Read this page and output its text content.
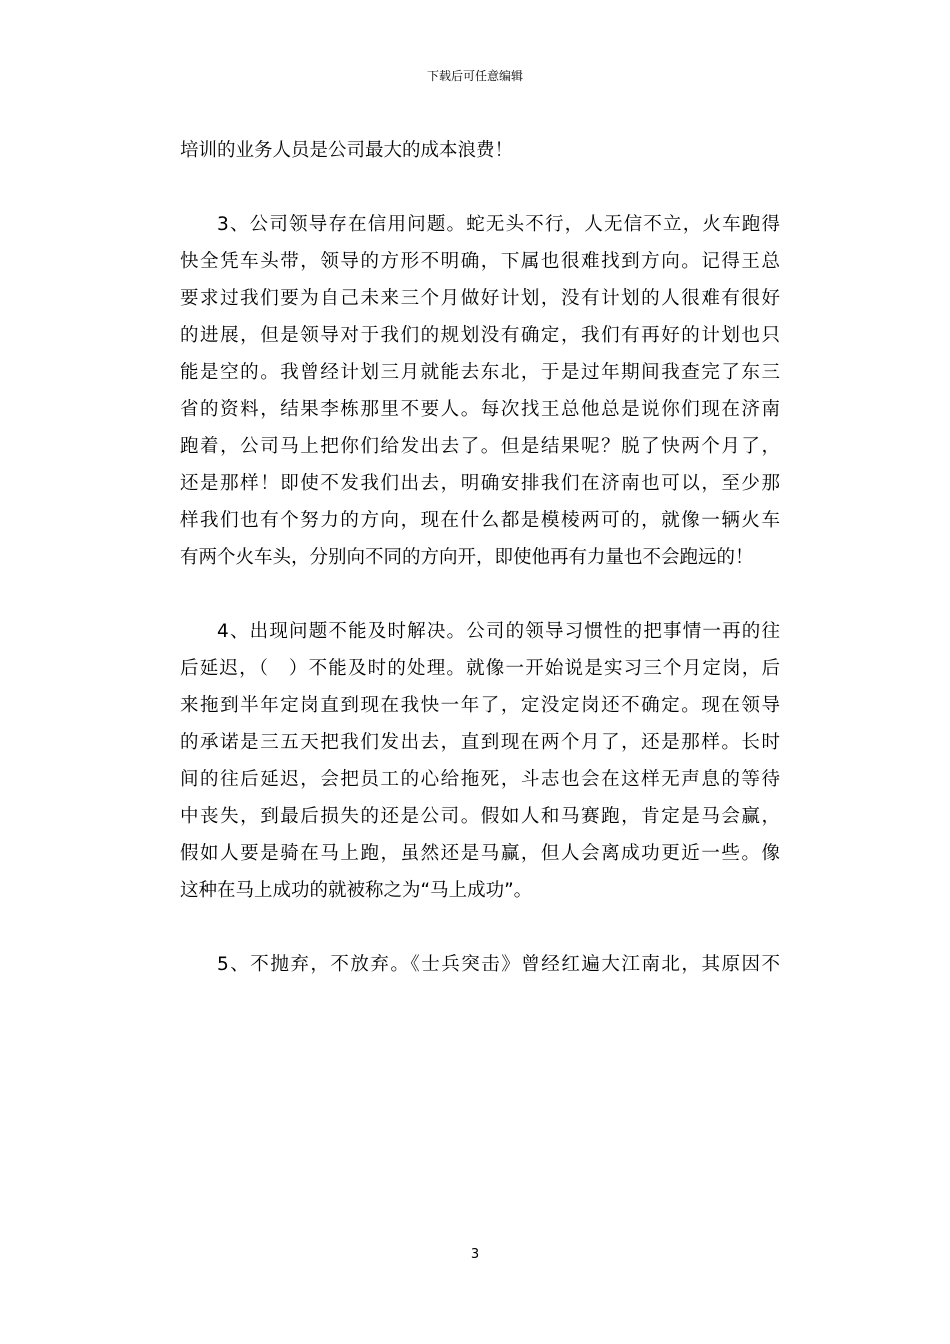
下载后可任意编辑
培训的业务人员是公司最大的成本浪费！
3、公司领导存在信用问题。蛇无头不行，人无信不立，火车跑得
快全凭车头带，领导的方形不明确，下属也很难找到方向。记得王总
要求过我们要为自己未来三个月做好计划，没有计划的人很难有很好
的进展，但是领导对于我们的规划没有确定，我们有再好的计划也只
能是空的。我曾经计划三月就能去东北，于是过年期间我查完了东三
省的资料，结果李栋那里不要人。每次找王总他总是说你们现在济南
跑着，公司马上把你们给发出去了。但是结果呢？脱了快两个月了，
还是那样！即使不发我们出去，明确安排我们在济南也可以，至少那
样我们也有个努力的方向，现在什么都是模棱两可的，就像一辆火车
有两个火车头，分别向不同的方向开，即使他再有力量也不会跑远的！
4、出现问题不能及时解决。公司的领导习惯性的把事情一再的往
后延迟，（　）不能及时的处理。就像一开始说是实习三个月定岗，后
来拖到半年定岗直到现在我快一年了，定没定岗还不确定。现在领导
的承诺是三五天把我们发出去，直到现在两个月了，还是那样。长时
间的往后延迟，会把员工的心给拖死，斗志也会在这样无声息的等待
中丧失，到最后损失的还是公司。假如人和马赛跑，肯定是马会赢，
假如人要是骑在马上跑，虽然还是马赢，但人会离成功更近一些。像
这种在马上成功的就被称之为“马上成功”。
5、不抛弃，不放弃。《士兵突击》曾经红遍大江南北，其原因不
3
